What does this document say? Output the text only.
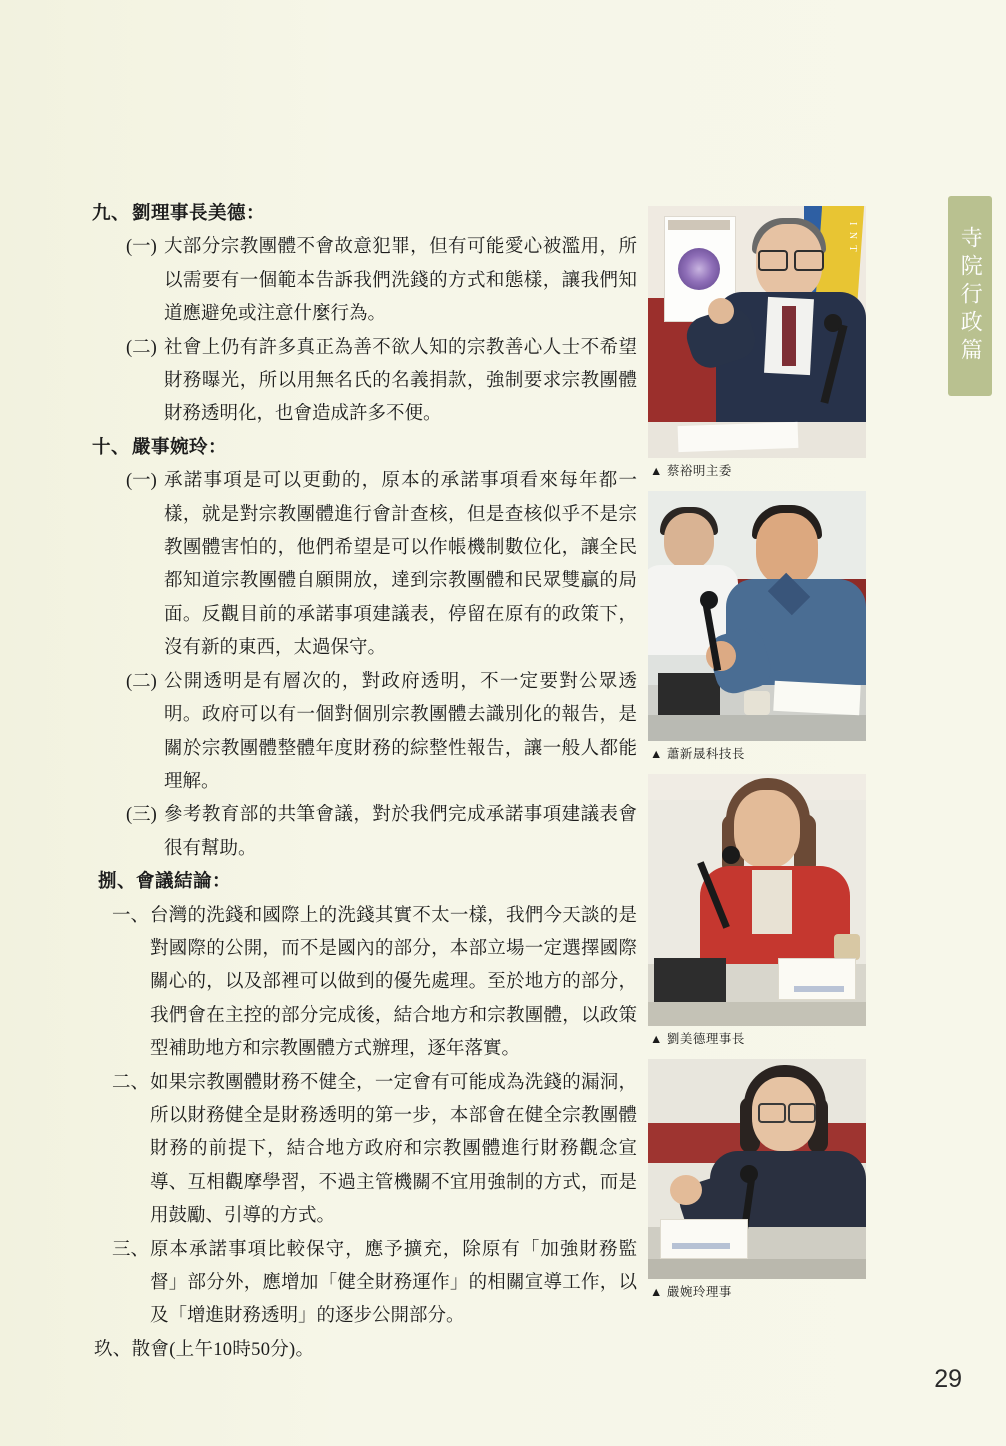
寺院行政篇
九、 劉理事長美德：
(一) 大部分宗教團體不會故意犯罪，但有可能愛心被濫用，所以需要有一個範本告訴我們洗錢的方式和態樣，讓我們知道應避免或注意什麼行為。
(二) 社會上仍有許多真正為善不欲人知的宗教善心人士不希望財務曝光，所以用無名氏的名義捐款，強制要求宗教團體財務透明化，也會造成許多不便。
十、 嚴事婉玲：
(一) 承諾事項是可以更動的，原本的承諾事項看來每年都一樣，就是對宗教團體進行會計查核，但是查核似乎不是宗教團體害怕的，他們希望是可以作帳機制數位化，讓全民都知道宗教團體自願開放，達到宗教團體和民眾雙贏的局面。反觀目前的承諾事項建議表，停留在原有的政策下，沒有新的東西，太過保守。
(二) 公開透明是有層次的，對政府透明，不一定要對公眾透明。政府可以有一個對個別宗教團體去識別化的報告，是關於宗教團體整體年度財務的綜整性報告，讓一般人都能理解。
(三) 參考教育部的共筆會議，對於我們完成承諾事項建議表會很有幫助。
捌、會議結論：
一、 台灣的洗錢和國際上的洗錢其實不太一樣，我們今天談的是對國際的公開，而不是國內的部分，本部立場一定選擇國際關心的，以及部裡可以做到的優先處理。至於地方的部分，我們會在主控的部分完成後，結合地方和宗教團體，以政策型補助地方和宗教團體方式辦理，逐年落實。
二、 如果宗教團體財務不健全，一定會有可能成為洗錢的漏洞，所以財務健全是財務透明的第一步，本部會在健全宗教團體財務的前提下，結合地方政府和宗教團體進行財務觀念宣導、互相觀摩學習，不過主管機關不宜用強制的方式，而是用鼓勵、引導的方式。
三、 原本承諾事項比較保守，應予擴充，除原有「加強財務監督」部分外，應增加「健全財務運作」的相關宣導工作，以及「增進財務透明」的逐步公開部分。
玖、散會(上午10時50分)。
I N T
▲ 蔡裕明主委
▲ 蕭新晟科技長
▲ 劉美德理事長
▲ 嚴婉玲理事
29
